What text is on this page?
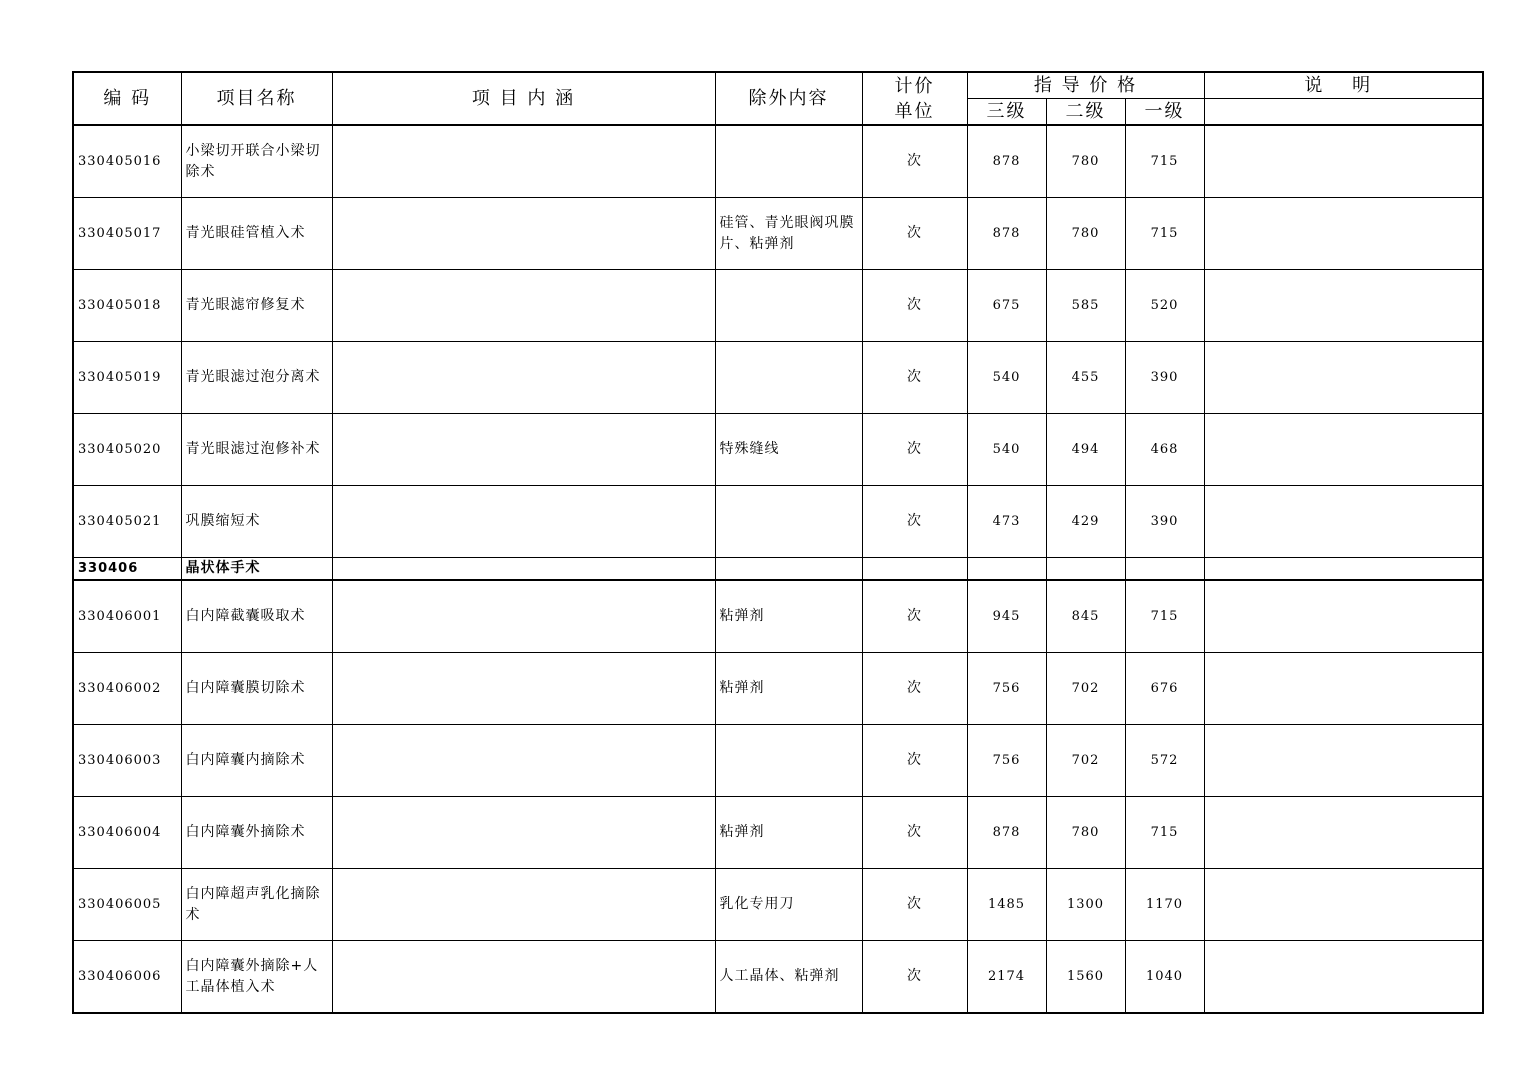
编 码	项目名称	项 目 内 涵	除外内容	计价单位	指 导 价 格			说 明
					三级	二级	一级	
330405016	小梁切开联合小梁切除术			次	878	780	715	
330405017	青光眼硅管植入术		硅管、青光眼阀巩膜片、粘弹剂	次	878	780	715	
330405018	青光眼滤帘修复术			次	675	585	520	
330405019	青光眼滤过泡分离术			次	540	455	390	
330405020	青光眼滤过泡修补术		特殊缝线	次	540	494	468	
330405021	巩膜缩短术			次	473	429	390	
330406	晶状体手术							
330406001	白内障截囊吸取术		粘弹剂	次	945	845	715	
330406002	白内障囊膜切除术		粘弹剂	次	756	702	676	
330406003	白内障囊内摘除术			次	756	702	572	
330406004	白内障囊外摘除术		粘弹剂	次	878	780	715	
330406005	白内障超声乳化摘除术		乳化专用刀	次	1485	1300	1170	
330406006	白内障囊外摘除+人工晶体植入术		人工晶体、粘弹剂	次	2174	1560	1040	
